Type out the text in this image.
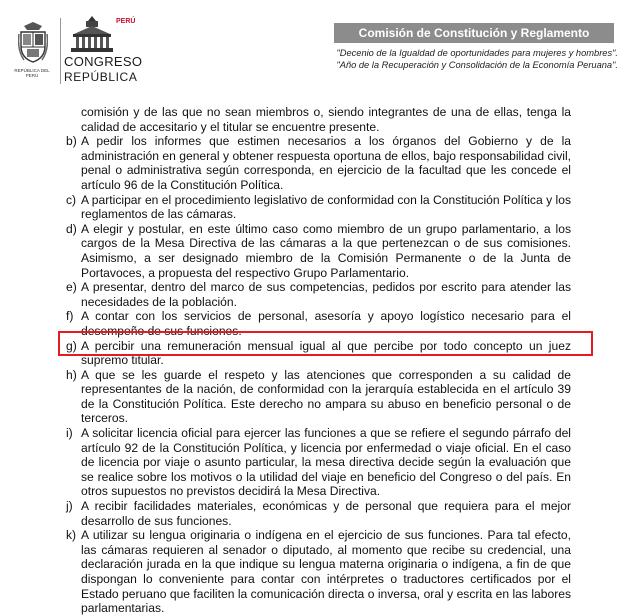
REPÚBLICA DEL PERÚ
PERÚ
CONGRESO
REPÚBLICA
Comisión de Constitución y Reglamento
"Decenio de la Igualdad de oportunidades para mujeres y hombres".
"Año de la Recuperación y Consolidación de la Economía Peruana".
comisión y de las que no sean miembros o, siendo integrantes de una de ellas, tenga la calidad de accesitario y el titular se encuentre presente.
b) A pedir los informes que estimen necesarios a los órganos del Gobierno y de la administración en general y obtener respuesta oportuna de ellos, bajo responsabilidad civil, penal o administrativa según corresponda, en ejercicio de la facultad que les concede el artículo 96 de la Constitución Política.
c) A participar en el procedimiento legislativo de conformidad con la Constitución Política y los reglamentos de las cámaras.
d) A elegir y postular, en este último caso como miembro de un grupo parlamentario, a los cargos de la Mesa Directiva de las cámaras a la que pertenezcan o de sus comisiones. Asimismo, a ser designado miembro de la Comisión Permanente o de la Junta de Portavoces, a propuesta del respectivo Grupo Parlamentario.
e) A presentar, dentro del marco de sus competencias, pedidos por escrito para atender las necesidades de la población.
f) A contar con los servicios de personal, asesoría y apoyo logístico necesario para el desempeño de sus funciones.
g) A percibir una remuneración mensual igual al que percibe por todo concepto un juez supremo titular.
h) A que se les guarde el respeto y las atenciones que corresponden a su calidad de representantes de la nación, de conformidad con la jerarquía establecida en el artículo 39 de la Constitución Política. Este derecho no ampara su abuso en beneficio personal o de terceros.
i) A solicitar licencia oficial para ejercer las funciones a que se refiere el segundo párrafo del artículo 92 de la Constitución Política, y licencia por enfermedad o viaje oficial. En el caso de licencia por viaje o asunto particular, la mesa directiva decide según la evaluación que se realice sobre los motivos o la utilidad del viaje en beneficio del Congreso o del país. En otros supuestos no previstos decidirá la Mesa Directiva.
j) A recibir facilidades materiales, económicas y de personal que requiera para el mejor desarrollo de sus funciones.
k) A utilizar su lengua originaria o indígena en el ejercicio de sus funciones. Para tal efecto, las cámaras requieren al senador o diputado, al momento que recibe su credencial, una declaración jurada en la que indique su lengua materna originaria o indígena, a fin de que dispongan lo conveniente para contar con intérpretes o traductores certificados por el Estado peruano que faciliten la comunicación directa o inversa, oral y escrita en las labores parlamentarias.
